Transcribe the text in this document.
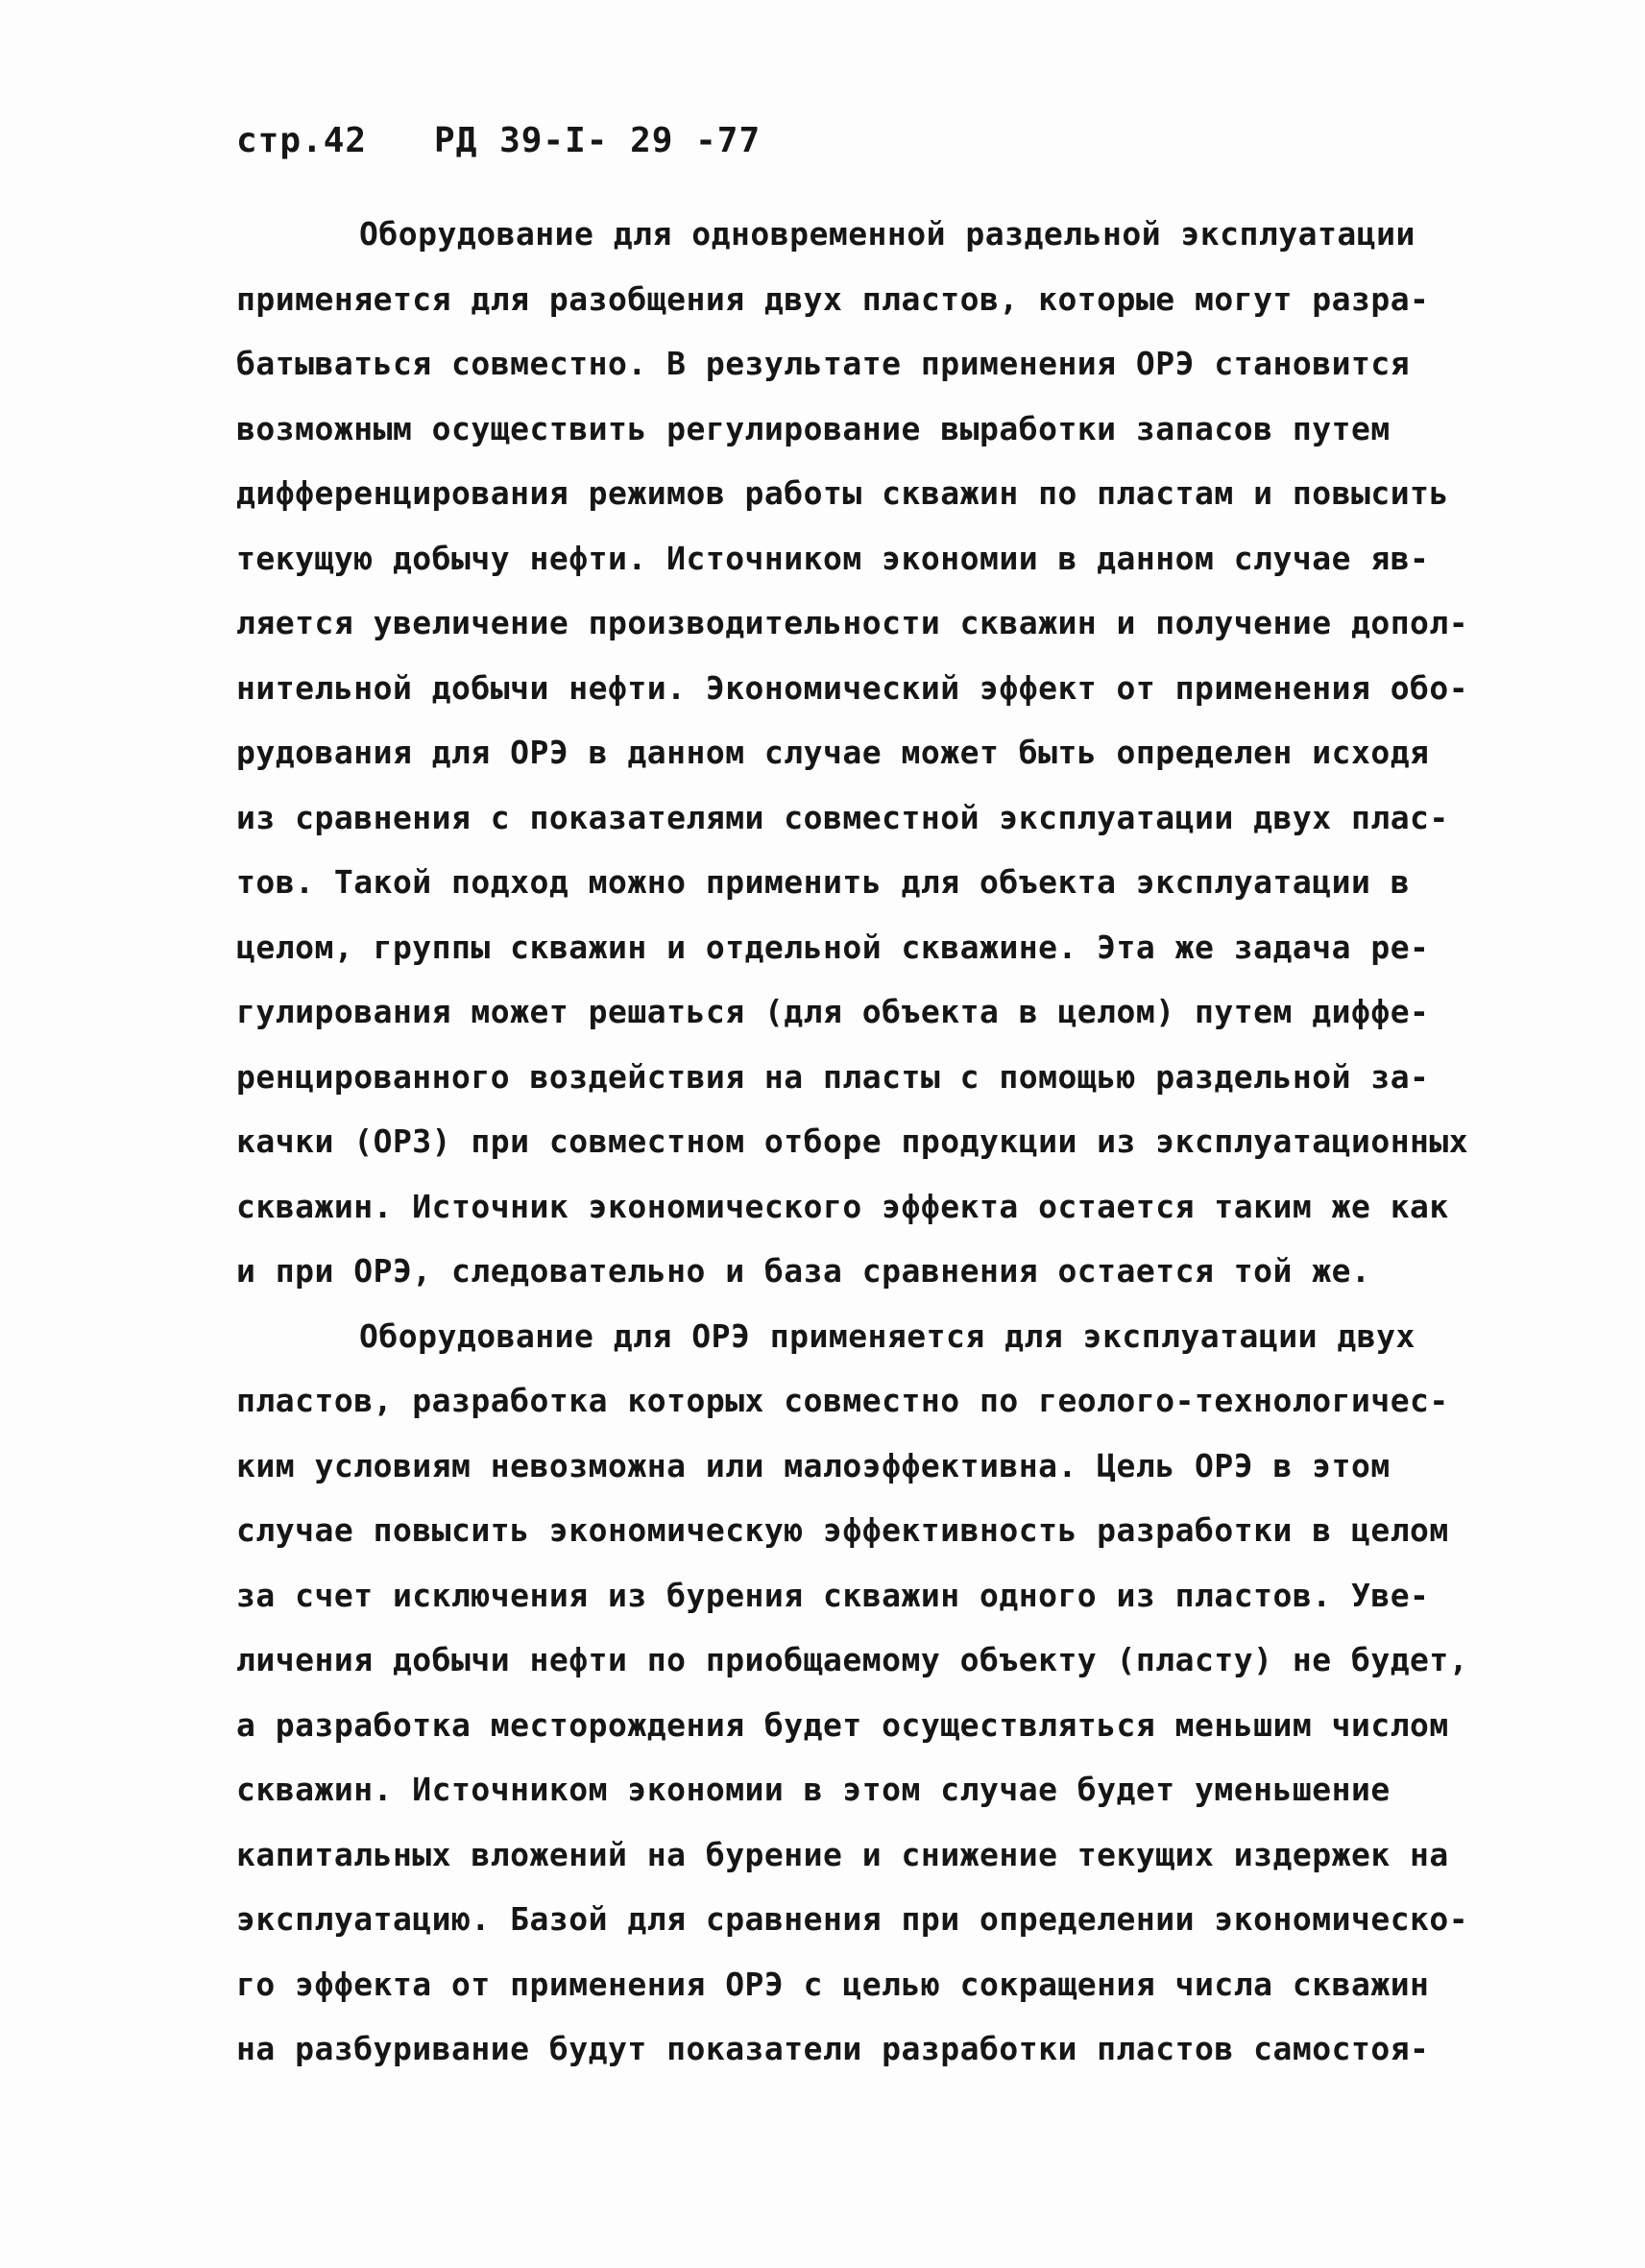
стр.42 РД 39-I- 29 -77
Оборудование для одновременной раздельной эксплуатации
применяется для разобщения двух пластов, которые могут разра-
батываться совместно. В результате применения ОРЭ становится
возможным осуществить регулирование выработки запасов путем
дифференцирования режимов работы скважин по пластам и повысить
текущую добычу нефти. Источником экономии в данном случае яв-
ляется увеличение производительности скважин и получение допол-
нительной добычи нефти. Экономический эффект от применения обо-
рудования для ОРЭ в данном случае может быть определен исходя
из сравнения с показателями совместной эксплуатации двух плас-
тов. Такой подход можно применить для объекта эксплуатации в
целом, группы скважин и отдельной скважине. Эта же задача ре-
гулирования может решаться (для объекта в целом) путем диффе-
ренцированного воздействия на пласты с помощью раздельной за-
качки (ОРЗ) при совместном отборе продукции из эксплуатационных
скважин. Источник экономического эффекта остается таким же как
и при ОРЭ, следовательно и база сравнения остается той же.
Оборудование для ОРЭ применяется для эксплуатации двух
пластов, разработка которых совместно по геолого-технологичес-
ким условиям невозможна или малоэффективна. Цель ОРЭ в этом
случае повысить экономическую эффективность разработки в целом
за счет исключения из бурения скважин одного из пластов. Уве-
личения добычи нефти по приобщаемому объекту (пласту) не будет,
а разработка месторождения будет осуществляться меньшим числом
скважин. Источником экономии в этом случае будет уменьшение
капитальных вложений на бурение и снижение текущих издержек на
эксплуатацию. Базой для сравнения при определении экономическо-
го эффекта от применения ОРЭ с целью сокращения числа скважин
на разбуривание будут показатели разработки пластов самостоя-
